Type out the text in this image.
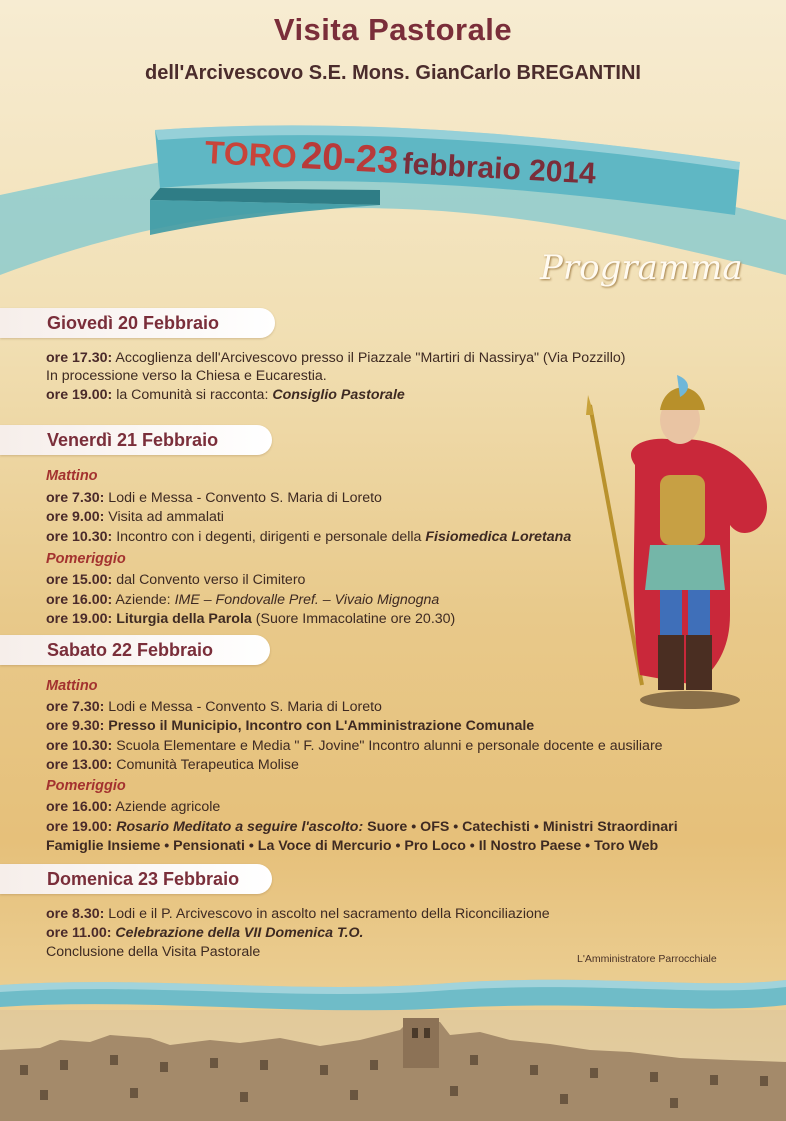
Visita Pastorale
dell'Arcivescovo S.E. Mons. GianCarlo BREGANTINI
TORO 20-23 febbraio 2014
Programma
Giovedì 20 Febbraio
ore 17.30: Accoglienza dell'Arcivescovo presso il Piazzale "Martiri di Nassirya" (Via Pozzillo)
In processione verso la Chiesa e Eucarestia.
ore 19.00: la Comunità si racconta: Consiglio Pastorale
Venerdì 21 Febbraio
Mattino
ore 7.30: Lodi e Messa - Convento S. Maria di Loreto
ore 9.00: Visita ad ammalati
ore 10.30: Incontro con i degenti, dirigenti e personale della Fisiomedica Loretana
Pomeriggio
ore 15.00: dal Convento verso il Cimitero
ore 16.00: Aziende: IME – Fondovalle Pref. – Vivaio Mignogna
ore 19.00: Liturgia della Parola (Suore Immacolatine ore 20.30)
Sabato 22 Febbraio
Mattino
ore 7.30: Lodi e Messa - Convento S. Maria di Loreto
ore 9.30: Presso il Municipio, Incontro con L'Amministrazione Comunale
ore 10.30: Scuola Elementare e Media " F. Jovine" Incontro alunni e personale docente e ausiliare
ore 13.00: Comunità Terapeutica Molise
Pomeriggio
ore 16.00: Aziende agricole
ore 19.00: Rosario Meditato a seguire l'ascolto: Suore • OFS • Catechisti • Ministri Straordinari
Famiglie Insieme • Pensionati • La Voce di Mercurio • Pro Loco • Il Nostro Paese • Toro Web
Domenica 23 Febbraio
ore 8.30: Lodi e il P. Arcivescovo in ascolto nel sacramento della Riconciliazione
ore 11.00: Celebrazione della VII Domenica T.O.
Conclusione della Visita Pastorale	L'Amministratore Parrocchiale
